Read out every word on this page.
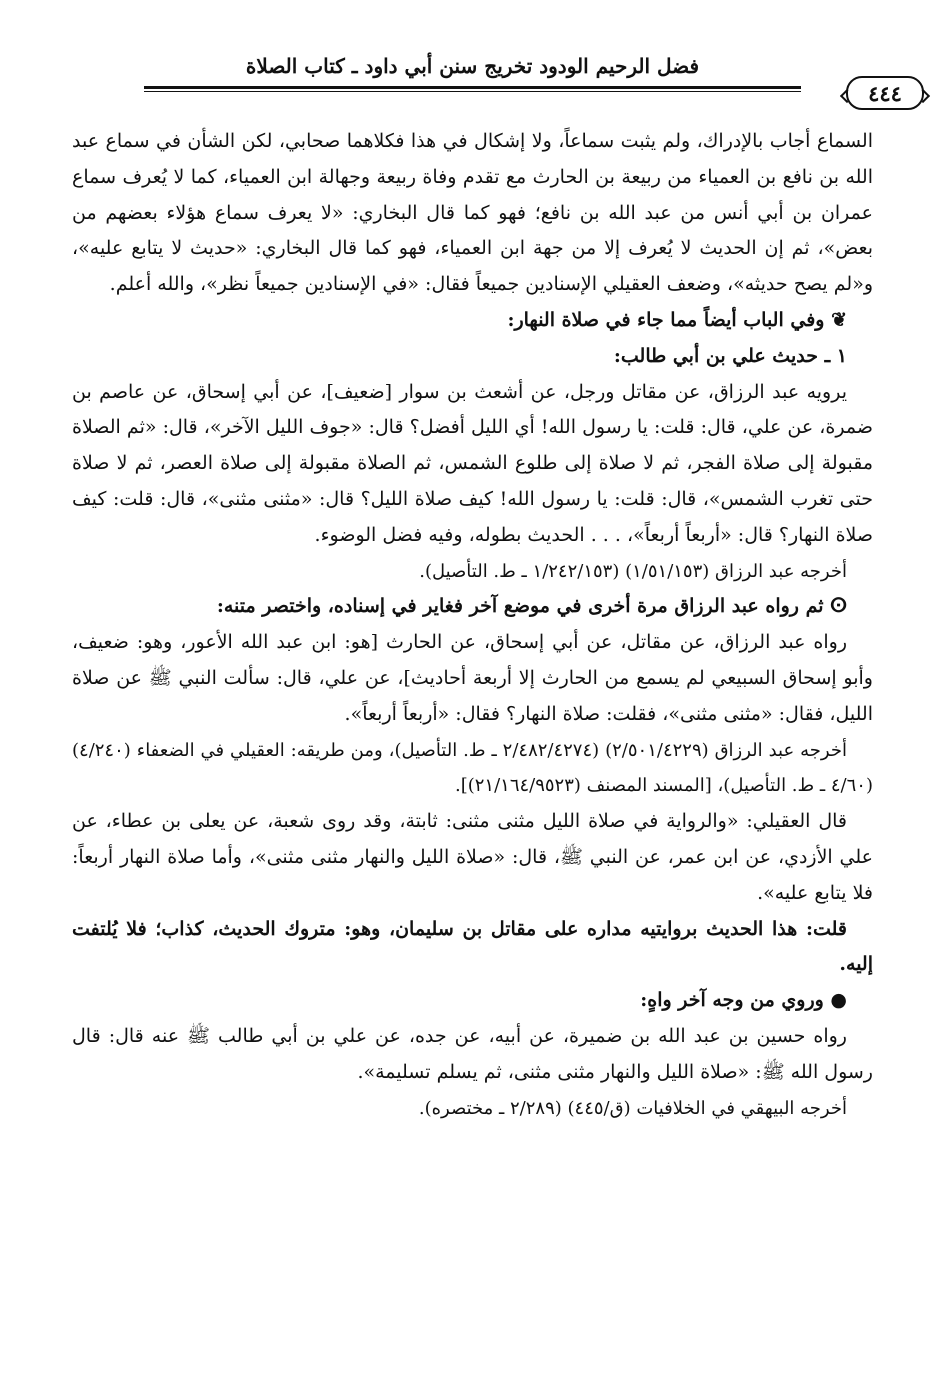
فضل الرحيم الودود تخريج سنن أبي داود ـ كتاب الصلاة
٤٤٤

السماع أجاب بالإدراك، ولم يثبت سماعاً، ولا إشكال في هذا فكلاهما صحابي، لكن الشأن في سماع عبد الله بن نافع بن العمياء من ربيعة بن الحارث مع تقدم وفاة ربيعة وجهالة ابن العمياء، كما لا يُعرف سماع عمران بن أبي أنس من عبد الله بن نافع؛ فهو كما قال البخاري: «لا يعرف سماع هؤلاء بعضهم من بعض»، ثم إن الحديث لا يُعرف إلا من جهة ابن العمياء، فهو كما قال البخاري: «حديث لا يتابع عليه»، و«لم يصح حديثه»، وضعف العقيلي الإسنادين جميعاً فقال: «في الإسنادين جميعاً نظر»، والله أعلم.

❦ وفي الباب أيضاً مما جاء في صلاة النهار:

١ ـ حديث علي بن أبي طالب:

يرويه عبد الرزاق، عن مقاتل ورجل، عن أشعث بن سوار [ضعيف]، عن أبي إسحاق، عن عاصم بن ضمرة، عن علي، قال: قلت: يا رسول الله! أي الليل أفضل؟ قال: «جوف الليل الآخر»، قال: «ثم الصلاة مقبولة إلى صلاة الفجر، ثم لا صلاة إلى طلوع الشمس، ثم الصلاة مقبولة إلى صلاة العصر، ثم لا صلاة حتى تغرب الشمس»، قال: قلت: يا رسول الله! كيف صلاة الليل؟ قال: «مثنى مثنى»، قال: قلت: كيف صلاة النهار؟ قال: «أربعاً أربعاً»، . . . الحديث بطوله، وفيه فضل الوضوء.

أخرجه عبد الرزاق (١/٥١/١٥٣) (١/٢٤٢/١٥٣ ـ ط. التأصيل).

ⵙ ثم رواه عبد الرزاق مرة أخرى في موضع آخر فغاير في إسناده، واختصر متنه:

رواه عبد الرزاق، عن مقاتل، عن أبي إسحاق، عن الحارث [هو: ابن عبد الله الأعور، وهو: ضعيف، وأبو إسحاق السبيعي لم يسمع من الحارث إلا أربعة أحاديث]، عن علي، قال: سألت النبي ﷺ عن صلاة الليل، فقال: «مثنى مثنى»، فقلت: صلاة النهار؟ فقال: «أربعاً أربعاً».

أخرجه عبد الرزاق (٢/٥٠١/٤٢٢٩) (٢/٤٨٢/٤٢٧٤ ـ ط. التأصيل)، ومن طريقه: العقيلي في الضعفاء (٤/٢٤٠) (٤/٦٠ ـ ط. التأصيل)، [المسند المصنف (٢١/١٦٤/٩٥٢٣)].

قال العقيلي: «والرواية في صلاة الليل مثنى مثنى: ثابتة، وقد روى شعبة، عن يعلى بن عطاء، عن علي الأزدي، عن ابن عمر، عن النبي ﷺ، قال: «صلاة الليل والنهار مثنى مثنى»، وأما صلاة النهار أربعاً: فلا يتابع عليه».

قلت: هذا الحديث بروايتيه مداره على مقاتل بن سليمان، وهو: متروك الحديث، كذاب؛ فلا يُلتفت إليه.

● وروي من وجه آخر واهٍ:

رواه حسين بن عبد الله بن ضميرة، عن أبيه، عن جده، عن علي بن أبي طالب ﷺ عنه قال: قال رسول الله ﷺ: «صلاة الليل والنهار مثنى مثنى، ثم يسلم تسليمة».

أخرجه البيهقي في الخلافيات (ق/٤٤٥) (٢/٢٨٩ ـ مختصره).
